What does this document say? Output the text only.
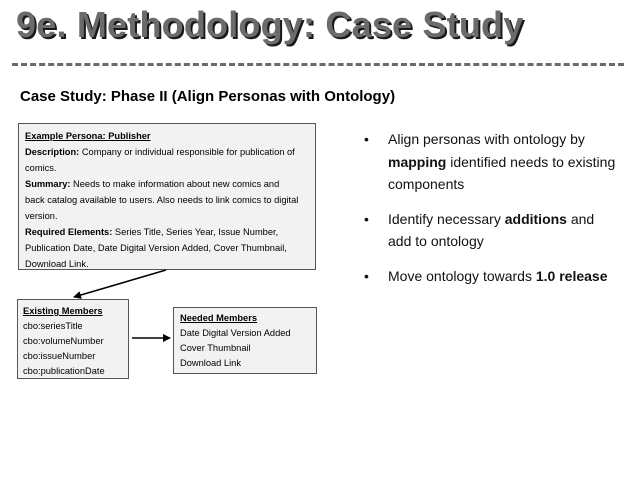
9e. Methodology: Case Study
Case Study: Phase II (Align Personas with Ontology)

Example Persona: Publisher

Description: Company or individual responsible for publication of

comics.

Summary: Needs to make information about new comics and

back catalog available to users. Also needs to link comics to digital

version.

Required Elements: Series Title, Series Year, Issue Number,

Publication Date, Date Digital Version Added, Cover Thumbnail,

Download Link.

Existing Members
cbo:seriesTitle
cbo:volumeNumber
cbo:issueNumber
cbo:publicationDate
Needed Members
Date Digital Version Added
Cover Thumbnail
Download Link
• Align personas with ontology by mapping identified needs to existing components
• Identify necessary additions and add to ontology
• Move ontology towards 1.0 release
